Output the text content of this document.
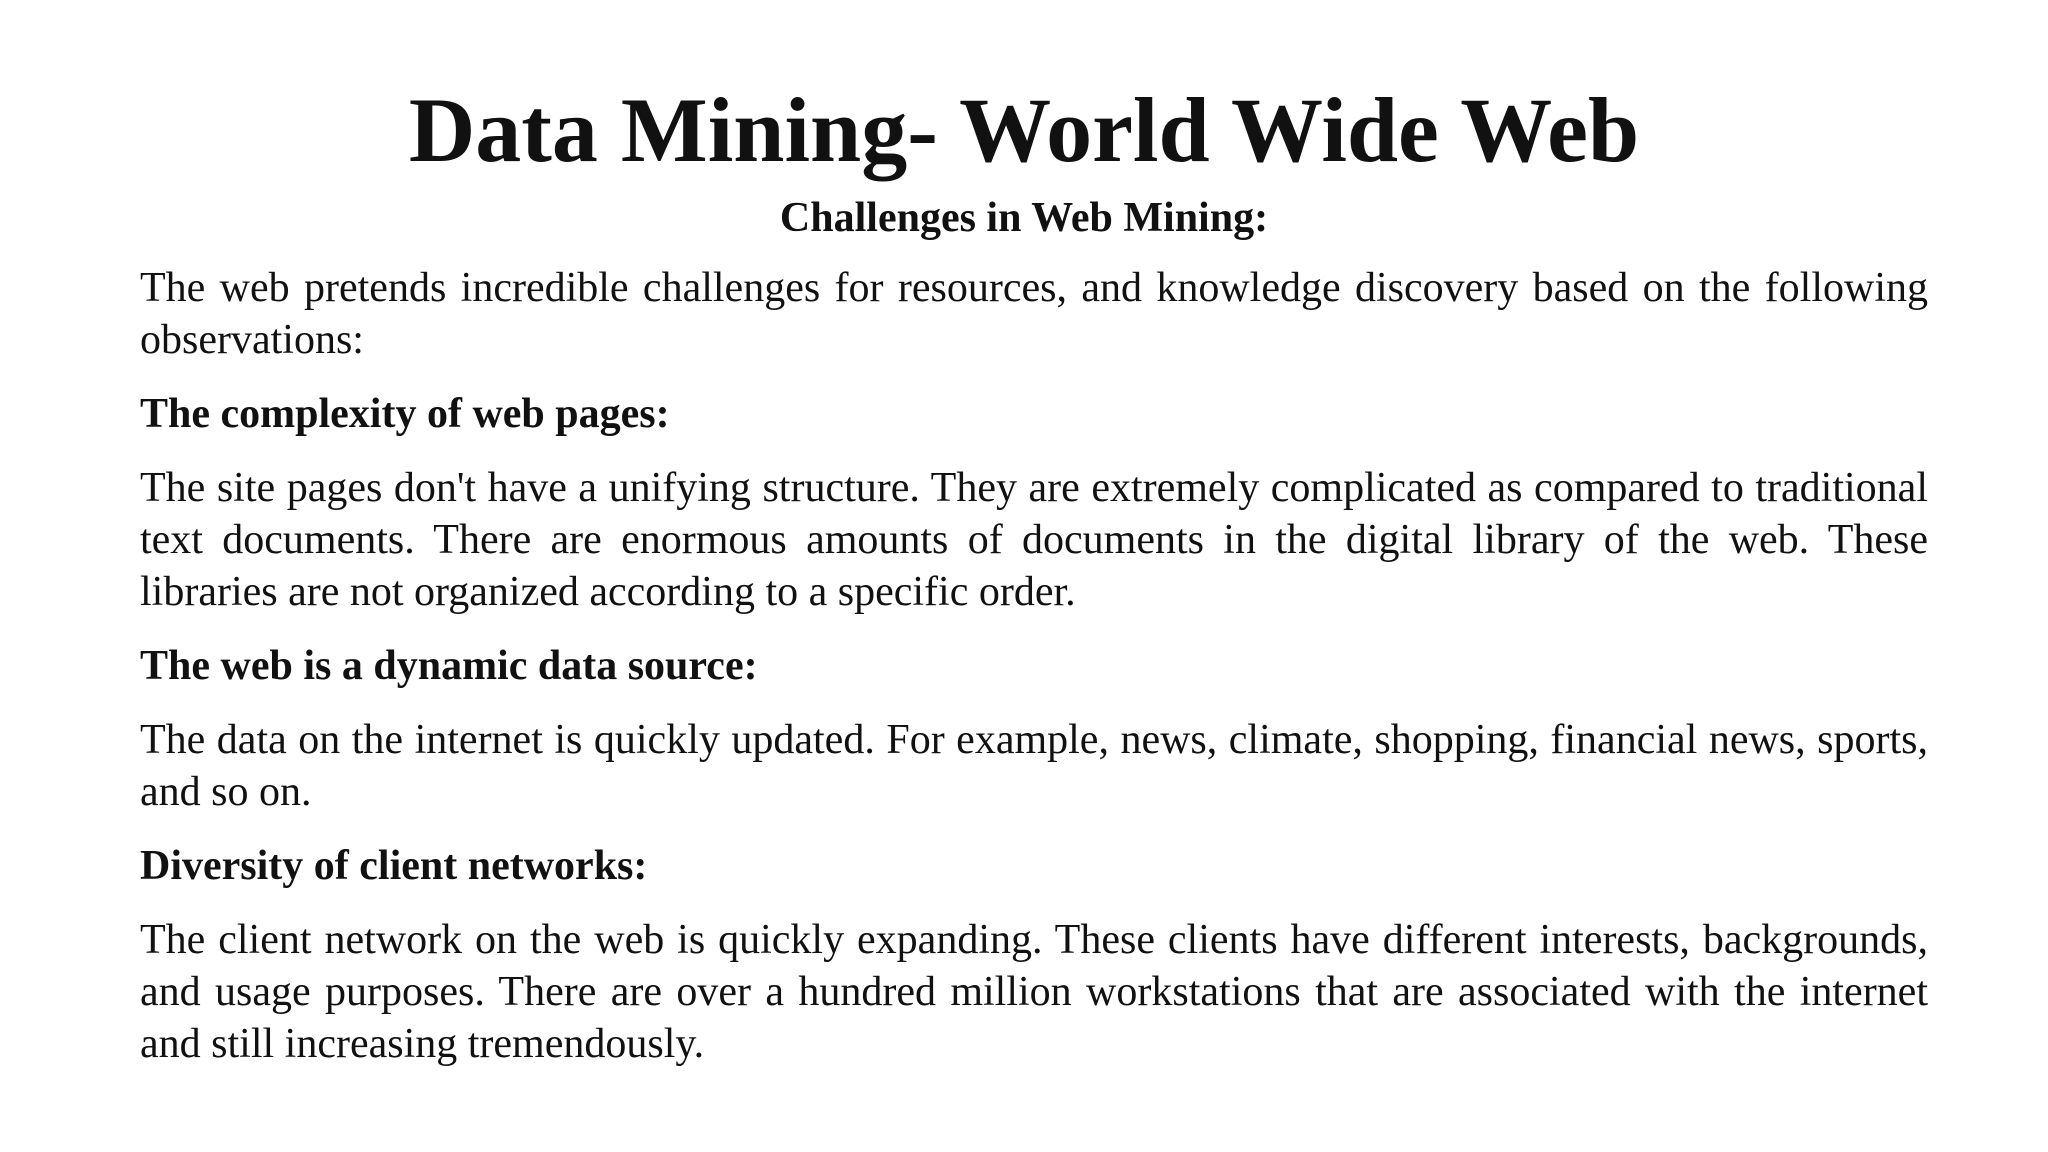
Data Mining- World Wide Web
Challenges in Web Mining:

The web pretends incredible challenges for resources, and knowledge discovery based on the following observations:

The complexity of web pages:

The site pages don't have a unifying structure. They are extremely complicated as compared to traditional text documents. There are enormous amounts of documents in the digital library of the web. These libraries are not organized according to a specific order.

The web is a dynamic data source:

The data on the internet is quickly updated. For example, news, climate, shopping, financial news, sports, and so on.

Diversity of client networks:

The client network on the web is quickly expanding. These clients have different interests, backgrounds, and usage purposes. There are over a hundred million workstations that are associated with the internet and still increasing tremendously.
